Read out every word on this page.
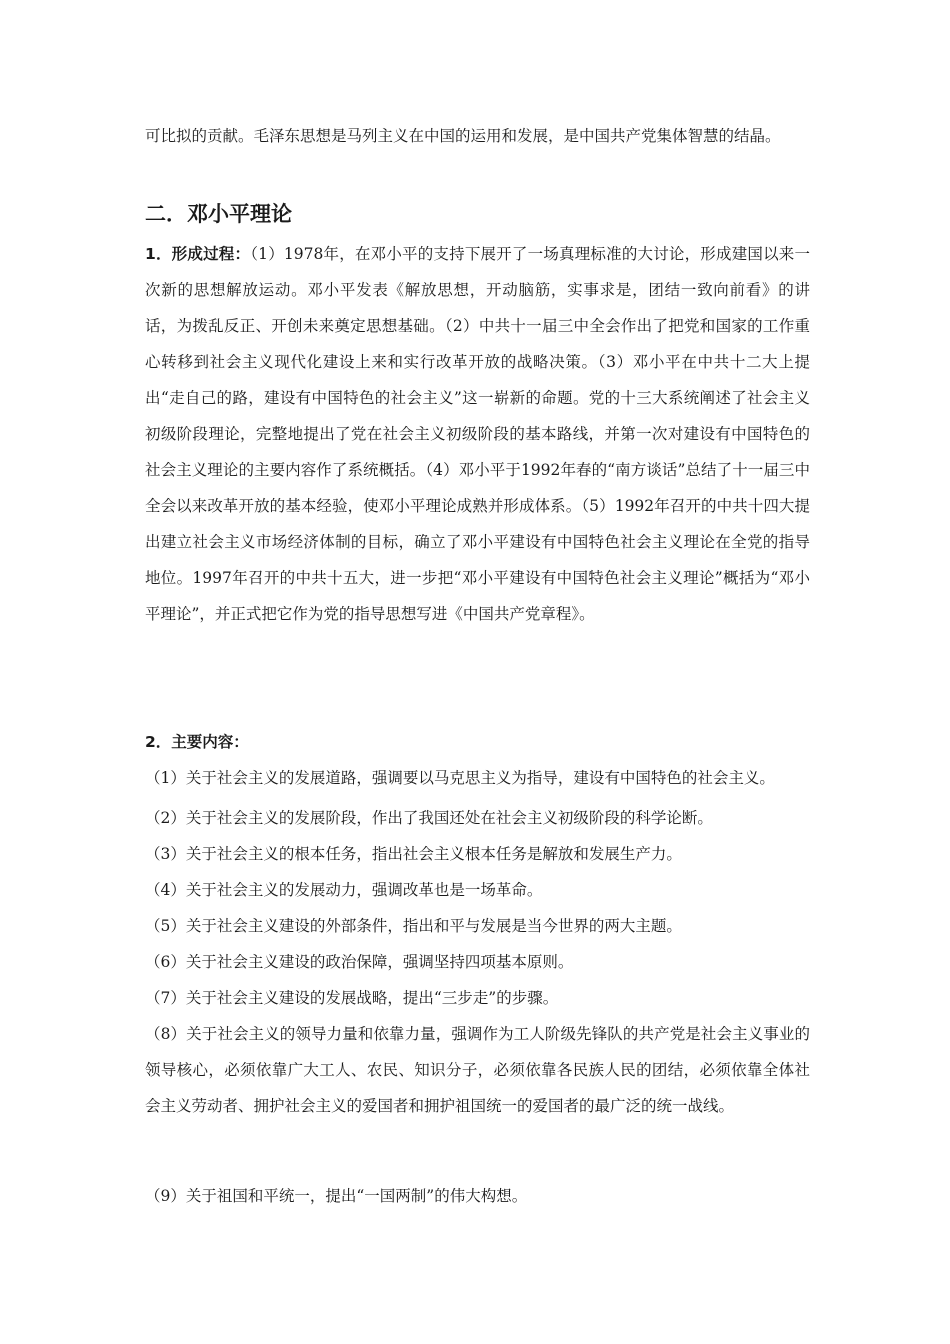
可比拟的贡献。毛泽东思想是马列主义在中国的运用和发展，是中国共产党集体智慧的结晶。
二．邓小平理论
1．形成过程：（1）1978年，在邓小平的支持下展开了一场真理标准的大讨论，形成建国以来一次新的思想解放运动。邓小平发表《解放思想，开动脑筋，实事求是，团结一致向前看》的讲话，为拨乱反正、开创未来奠定思想基础。（2）中共十一届三中全会作出了把党和国家的工作重心转移到社会主义现代化建设上来和实行改革开放的战略决策。（3）邓小平在中共十二大上提出“走自己的路，建设有中国特色的社会主义”这一崭新的命题。党的十三大系统阐述了社会主义初级阶段理论，完整地提出了党在社会主义初级阶段的基本路线，并第一次对建设有中国特色的社会主义理论的主要内容作了系统概括。（4）邓小平于1992年春的“南方谈话”总结了十一届三中全会以来改革开放的基本经验，使邓小平理论成熟并形成体系。（5）1992年召开的中共十四大提出建立社会主义市场经济体制的目标，确立了邓小平建设有中国特色社会主义理论在全党的指导地位。1997年召开的中共十五大，进一步把“邓小平建设有中国特色社会主义理论”概括为“邓小平理论”，并正式把它作为党的指导思想写进《中国共产党章程》。
2．主要内容：
（1）关于社会主义的发展道路，强调要以马克思主义为指导，建设有中国特色的社会主义。
（2）关于社会主义的发展阶段，作出了我国还处在社会主义初级阶段的科学论断。
（3）关于社会主义的根本任务，指出社会主义根本任务是解放和发展生产力。
（4）关于社会主义的发展动力，强调改革也是一场革命。
（5）关于社会主义建设的外部条件，指出和平与发展是当今世界的两大主题。
（6）关于社会主义建设的政治保障，强调坚持四项基本原则。
（7）关于社会主义建设的发展战略，提出“三步走”的步骤。
（8）关于社会主义的领导力量和依靠力量，强调作为工人阶级先锋队的共产党是社会主义事业的领导核心，必须依靠广大工人、农民、知识分子，必须依靠各民族人民的团结，必须依靠全体社会主义劳动者、拥护社会主义的爱国者和拥护祖国统一的爱国者的最广泛的统一战线。
（9）关于祖国和平统一，提出“一国两制”的伟大构想。
